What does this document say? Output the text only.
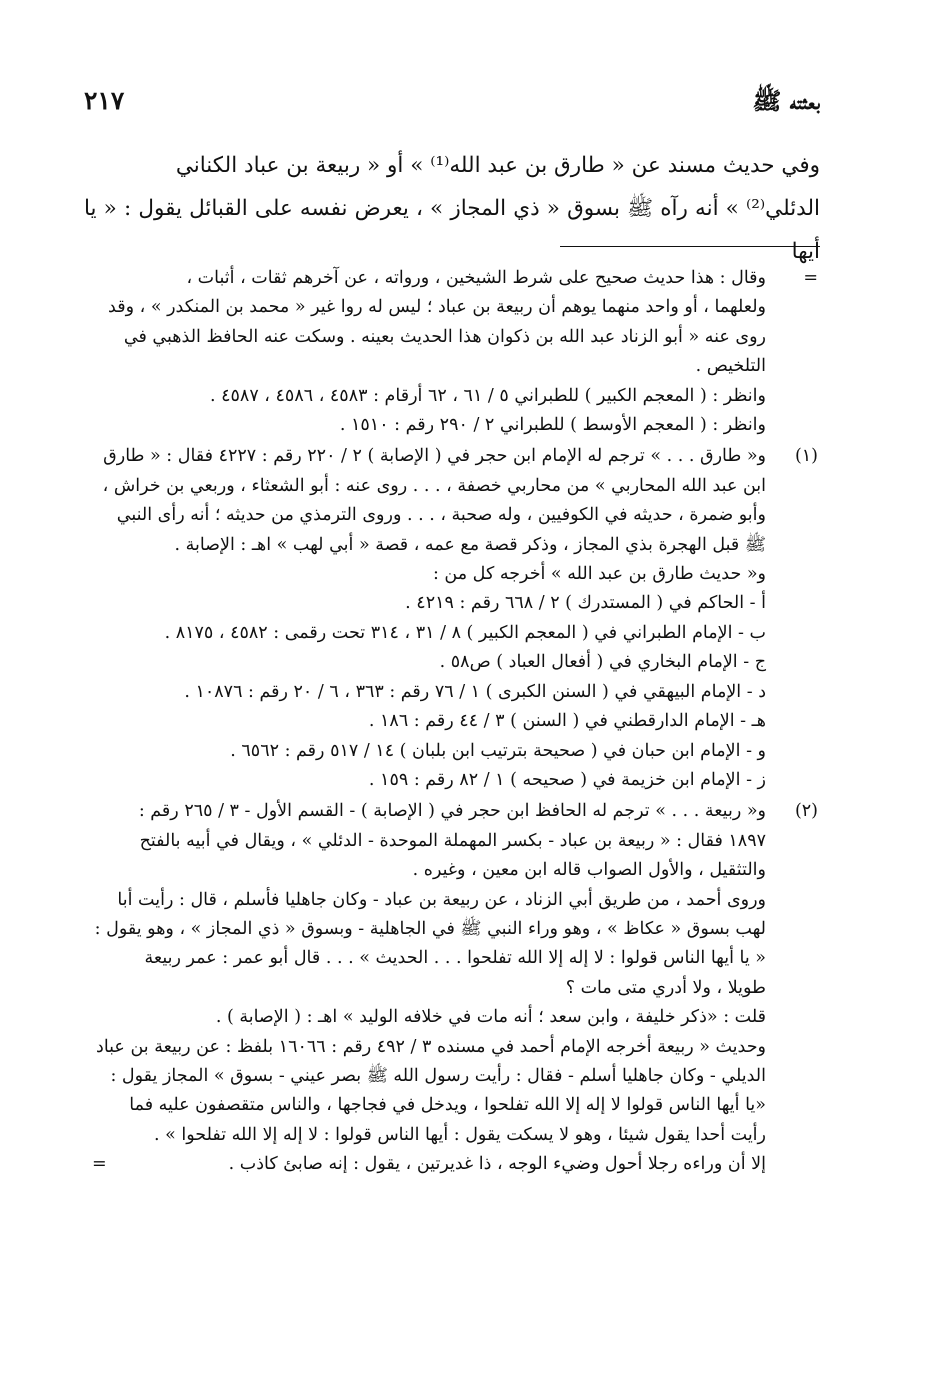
٢١٧	بعثته ﷺ

وفي حديث مسند عن « طارق بن عبد الله⁽¹⁾ » أو « ربيعة بن عباد الكناني

الدئلي⁽²⁾ » أنه رآه ﷺ بسوق « ذي المجاز » ، يعرض نفسه على القبائل يقول : « يا أيها

=

وقال : هذا حديث صحيح على شرط الشيخين ، ورواته ، عن آخرهم ثقات ، أثبات ،

ولعلهما ، أو واحد منهما يوهم أن ربيعة بن عباد ؛ ليس له روا غير « محمد بن المنكدر » ، وقد

روى عنه « أبو الزناد عبد الله بن ذكوان هذا الحديث بعينه . وسكت عنه الحافظ الذهبي في التلخيص .

وانظر : ( المعجم الكبير ) للطبراني ٥ / ٦١ ، ٦٢ أرقام : ٤٥٨٣ ، ٤٥٨٦ ، ٤٥٨٧ .

وانظر : ( المعجم الأوسط ) للطبراني ٢ / ٢٩٠ رقم : ١٥١٠ .

(١)

و« طارق . . . » ترجم له الإمام ابن حجر في ( الإصابة ) ٢ / ٢٢٠ رقم : ٤٢٢٧ فقال : « طارق

ابن عبد الله المحاربي » من محاربي خصفة ، . . . روى عنه : أبو الشعثاء ، وربعي بن خراش ،

وأبو ضمرة ، حديثه في الكوفيين ، وله صحبة ، . . . وروى الترمذي من حديثه ؛ أنه رأى النبي

ﷺ قبل الهجرة بذي المجاز ، وذكر قصة مع عمه ، قصة « أبي لهب » اهـ : الإصابة .

و« حديث طارق بن عبد الله » أخرجه كل من :

أ - الحاكم في ( المستدرك ) ٢ / ٦٦٨ رقم : ٤٢١٩ .

ب - الإمام الطبراني في ( المعجم الكبير ) ٨ / ٣١ ، ٣١٤ تحت رقمى : ٤٥٨٢ ، ٨١٧٥ .

ج - الإمام البخاري في ( أفعال العباد ) ص٥٨ .

د - الإمام البيهقي في ( السنن الكبرى ) ١ / ٧٦ رقم : ٣٦٣ ، ٦ / ٢٠ رقم : ١٠٨٧٦ .

هـ - الإمام الدارقطني في ( السنن ) ٣ / ٤٤ رقم : ١٨٦ .

و - الإمام ابن حبان في ( صحيحة بترتيب ابن بلبان ) ١٤ / ٥١٧ رقم : ٦٥٦٢ .

ز - الإمام ابن خزيمة في ( صحيحه ) ١ / ٨٢ رقم : ١٥٩ .

(٢)

و« ربيعة . . . » ترجم له الحافظ ابن حجر في ( الإصابة ) - القسم الأول - ٣ / ٢٦٥ رقم :

١٨٩٧ فقال : « ربيعة بن عباد - بكسر المهملة الموحدة - الدئلي » ، ويقال في أبيه بالفتح

والتثقيل ، والأول الصواب قاله ابن معين ، وغيره .

وروى أحمد ، من طريق أبي الزناد ، عن ربيعة بن عباد - وكان جاهليا فأسلم ، قال : رأيت أبا

لهب بسوق « عكاظ » ، وهو وراء النبي ﷺ في الجاهلية - وبسوق « ذي المجاز » ، وهو يقول :

« يا أيها الناس قولوا : لا إله إلا الله تفلحوا . . . الحديث » . . . قال أبو عمر : عمر ربيعة

طويلا ، ولا أدري متى مات ؟

قلت : «ذكر خليفة ، وابن سعد ؛ أنه مات في خلافه الوليد » اهـ : ( الإصابة ) .

وحديث « ربيعة أخرجه الإمام أحمد في مسنده ٣ / ٤٩٢ رقم : ١٦٠٦٦ بلفظ : عن ربيعة بن عباد

الديلي - وكان جاهليا أسلم - فقال : رأيت رسول الله ﷺ بصر عيني - بسوق » المجاز يقول :

«يا أيها الناس قولوا لا إله إلا الله تفلحوا ، ويدخل في فجاجها ، والناس متقصفون عليه فما

رأيت أحدا يقول شيئا ، وهو لا يسكت يقول : أيها الناس قولوا : لا إله إلا الله تفلحوا » .

إلا أن وراءه رجلا أحول وضيء الوجه ، ذا غديرتين ، يقول : إنه صابئ كاذب .

=
